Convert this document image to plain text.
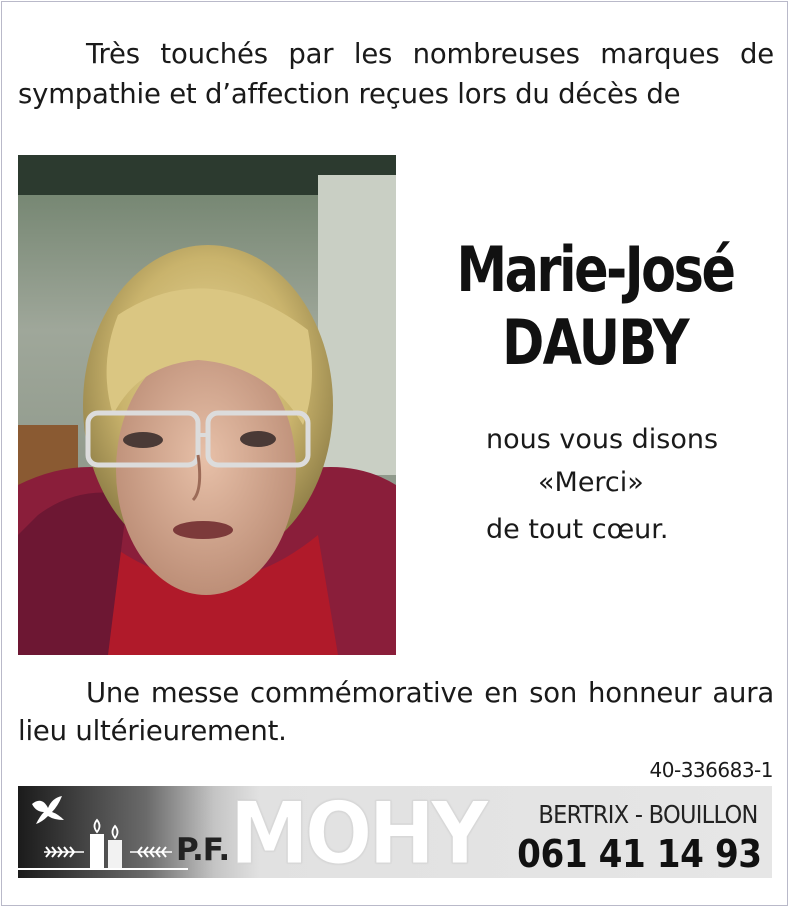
Très touchés par les nombreuses marques de sympathie et d’affection reçues lors du décès de

Marie-José
DAUBY
nous vous disons
«Merci»
de tout cœur.

Une messe commémorative en son honneur aura lieu ultérieurement.

40-336683-1
P.F. MOHY BERTRIX - BOUILLON
061 41 14 93
